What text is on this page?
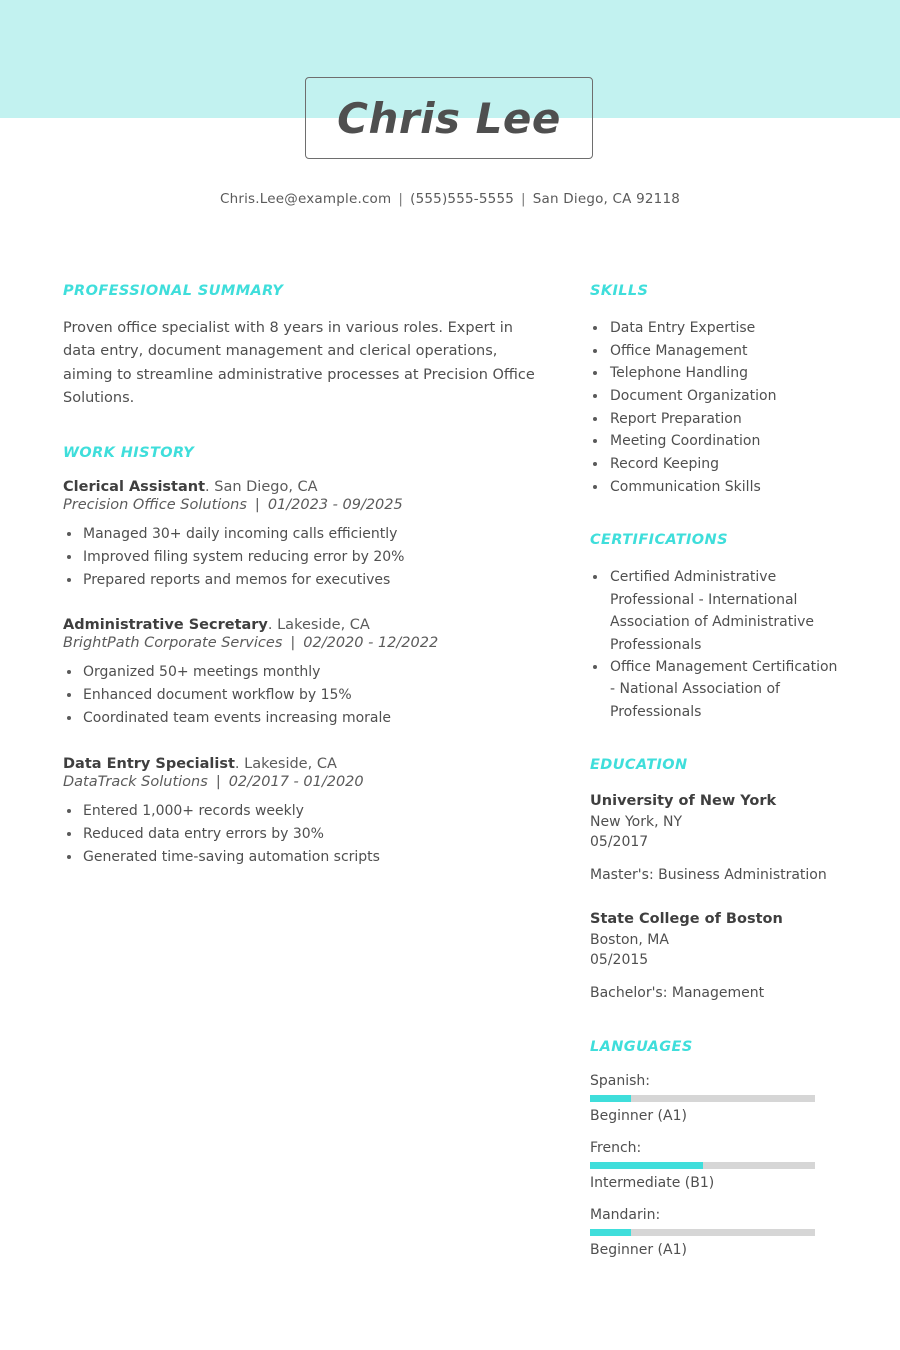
Chris Lee
Chris.Lee@example.com | (555)555-5555 | San Diego, CA 92118
PROFESSIONAL SUMMARY

Proven office specialist with 8 years in various roles. Expert in data entry, document management and clerical operations, aiming to streamline administrative processes at Precision Office Solutions.

WORK HISTORY
Clerical Assistant. San Diego, CA
Precision Office Solutions | 01/2023 - 09/2025
Managed 30+ daily incoming calls efficiently
Improved filing system reducing error by 20%
Prepared reports and memos for executives
Administrative Secretary. Lakeside, CA
BrightPath Corporate Services | 02/2020 - 12/2022
Organized 50+ meetings monthly
Enhanced document workflow by 15%
Coordinated team events increasing morale
Data Entry Specialist. Lakeside, CA
DataTrack Solutions | 02/2017 - 01/2020
Entered 1,000+ records weekly
Reduced data entry errors by 30%
Generated time-saving automation scripts
SKILLS
Data Entry Expertise
Office Management
Telephone Handling
Document Organization
Report Preparation
Meeting Coordination
Record Keeping
Communication Skills
CERTIFICATIONS
Certified Administrative Professional - International Association of Administrative Professionals
Office Management Certification - National Association of Professionals
EDUCATION
University of New York
New York, NY
05/2017
Master's: Business Administration
State College of Boston
Boston, MA
05/2015
Bachelor's: Management
LANGUAGES
Spanish:
Beginner (A1)
French:
Intermediate (B1)
Mandarin:
Beginner (A1)
